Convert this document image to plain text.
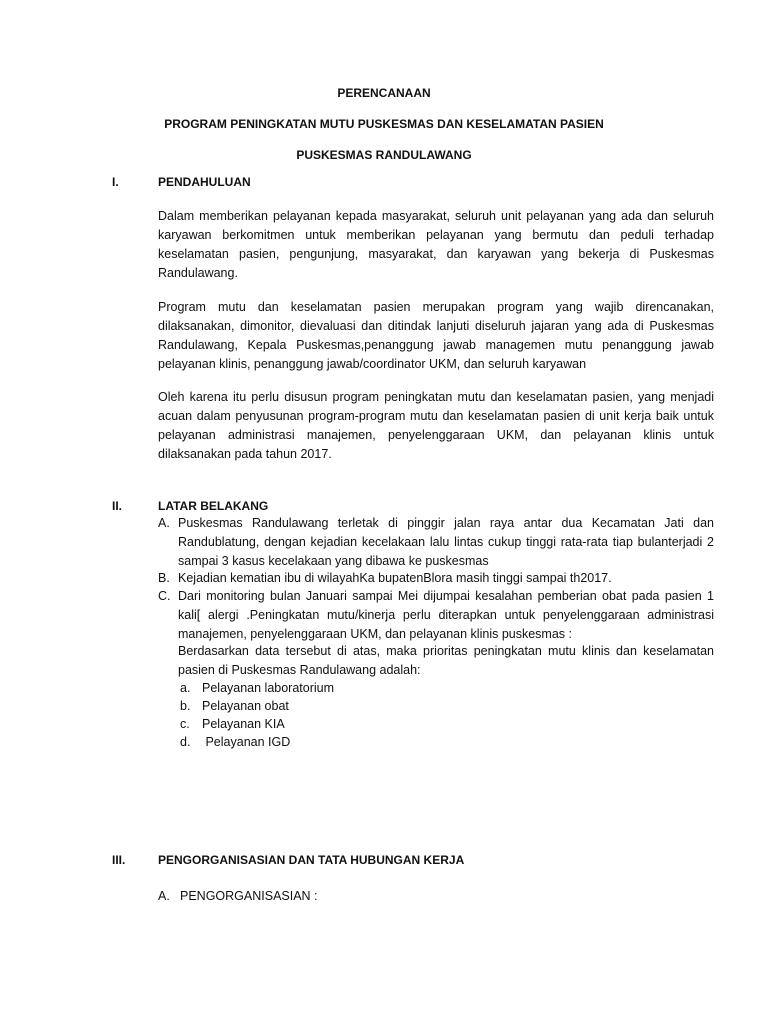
PERENCANAAN
PROGRAM PENINGKATAN MUTU PUSKESMAS DAN KESELAMATAN PASIEN
PUSKESMAS RANDULAWANG
I.	PENDAHULUAN
Dalam memberikan pelayanan kepada masyarakat, seluruh unit pelayanan yang ada dan seluruh karyawan berkomitmen untuk memberikan pelayanan yang bermutu dan peduli terhadap keselamatan pasien, pengunjung, masyarakat, dan karyawan yang bekerja di Puskesmas Randulawang.
Program mutu dan keselamatan pasien merupakan program yang wajib direncanakan, dilaksanakan, dimonitor, dievaluasi dan ditindak lanjuti diseluruh jajaran yang ada di Puskesmas Randulawang, Kepala Puskesmas,penanggung jawab managemen mutu penanggung jawab pelayanan klinis, penanggung jawab/coordinator UKM, dan seluruh karyawan
Oleh karena itu perlu disusun program peningkatan mutu dan keselamatan pasien, yang menjadi acuan dalam penyusunan program-program mutu dan keselamatan pasien di unit kerja baik untuk pelayanan administrasi manajemen, penyelenggaraan UKM, dan pelayanan klinis untuk dilaksanakan pada tahun 2017.
II.	LATAR BELAKANG
A. Puskesmas Randulawang terletak di pinggir jalan raya antar dua Kecamatan Jati dan Randublatung, dengan kejadian kecelakaan lalu lintas cukup tinggi rata-rata tiap bulanterjadi 2 sampai 3 kasus kecelakaan yang dibawa ke puskesmas
B. Kejadian kematian ibu di wilayahKa bupatenBlora masih tinggi sampai th2017.
C. Dari monitoring bulan Januari sampai Mei dijumpai kesalahan pemberian obat pada pasien 1 kali[ alergi .Peningkatan mutu/kinerja perlu diterapkan untuk penyelenggaraan administrasi manajemen, penyelenggaraan UKM, dan pelayanan klinis puskesmas :
Berdasarkan data tersebut di atas, maka prioritas peningkatan mutu klinis dan keselamatan pasien di Puskesmas Randulawang adalah:
a. Pelayanan laboratorium
b. Pelayanan obat
c. Pelayanan KIA
d. Pelayanan IGD
III.	PENGORGANISASIAN DAN TATA HUBUNGAN KERJA
A. PENGORGANISASIAN :
